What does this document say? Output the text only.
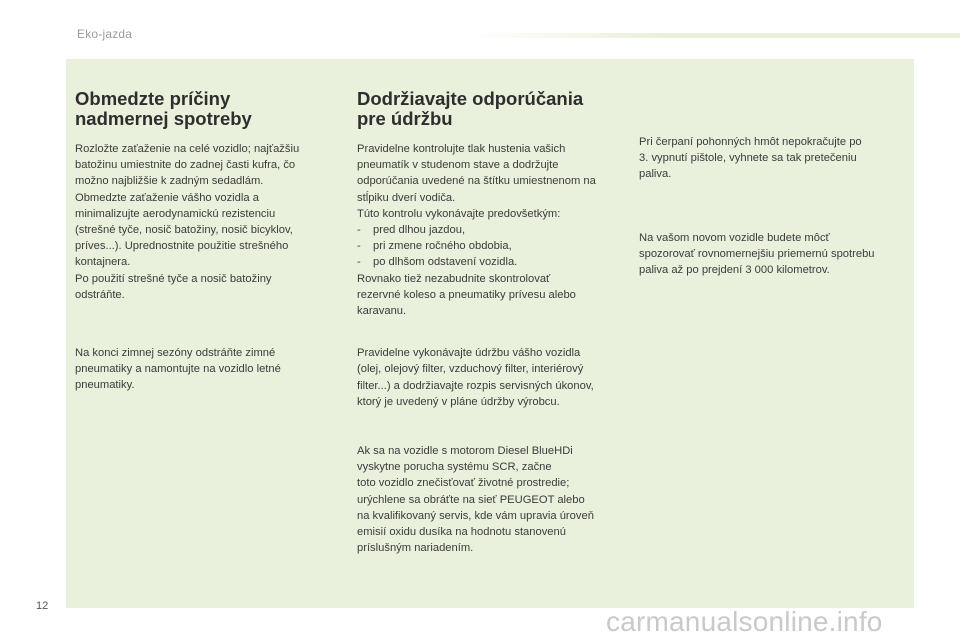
Eko-jazda
Obmedzte príčiny
nadmernej spotreby
Rozložte zaťaženie na celé vozidlo; najťažšiu
batožinu umiestnite do zadnej časti kufra, čo
možno najbližšie k zadným sedadlám.
Obmedzte zaťaženie vášho vozidla a
minimalizujte aerodynamickú rezistenciu
(strešné tyče, nosič batožiny, nosič bicyklov,
príves...). Uprednostnite použitie strešného
kontajnera.
Po použití strešné tyče a nosič batožiny
odstráňte.
Na konci zimnej sezóny odstráňte zimné
pneumatiky a namontujte na vozidlo letné
pneumatiky.
Dodržiavajte odporúčania
pre údržbu
Pravidelne kontrolujte tlak hustenia vašich
pneumatík v studenom stave a dodržujte
odporúčania uvedené na štítku umiestnenom na
stĺpiku dverí vodiča.
Túto kontrolu vykonávajte predovšetkým:
- pred dlhou jazdou,
- pri zmene ročného obdobia,
- po dlhšom odstavení vozidla.
Rovnako tiež nezabudnite skontrolovať
rezervné koleso a pneumatiky prívesu alebo
karavanu.
Pravidelne vykonávajte údržbu vášho vozidla
(olej, olejový filter, vzduchový filter, interiérový
filter...) a dodržiavajte rozpis servisných úkonov,
ktorý je uvedený v pláne údržby výrobcu.
Ak sa na vozidle s motorom Diesel BlueHDi
vyskytne porucha systému SCR, začne
toto vozidlo znečisťovať životné prostredie;
urýchlene sa obráťte na sieť PEUGEOT alebo
na kvalifikovaný servis, kde vám upravia úroveň
emisií oxidu dusíka na hodnotu stanovenú
príslušným nariadením.
Pri čerpaní pohonných hmôt nepokračujte po
3. vypnutí pištole, vyhnete sa tak pretečeniu
paliva.
Na vašom novom vozidle budete môcť
spozorovať rovnomernejšiu priemernú spotrebu
paliva až po prejdení 3 000 kilometrov.
12	carmanualsonline.info
